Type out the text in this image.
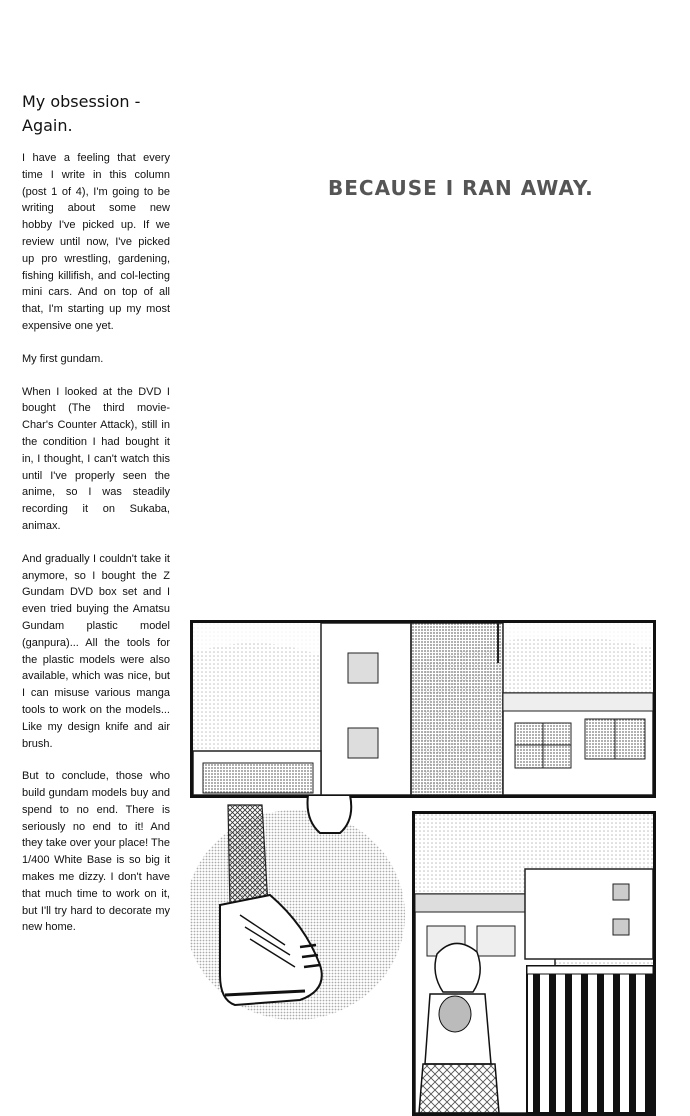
My obsession - Again.

I have a feeling that every time I write in this column (post 1 of 4), I'm going to be writing about some new hobby I've picked up. If we review until now, I've picked up pro wrestling, gardening, fishing killifish, and col-lecting mini cars. And on top of all that, I'm starting up my most expensive one yet.

My first gundam.

When I looked at the DVD I bought (The third movie-Char's Counter Attack), still in the condition I had bought it in, I thought, I can't watch this until I've properly seen the anime, so I was steadily recording it on Sukaba, animax.

And gradually I couldn't take it anymore, so I bought the Z Gundam DVD box set and I even tried buying the Amatsu Gundam plastic model (ganpura)... All the tools for the plastic models were also available, which was nice, but I can misuse various manga tools to work on the models... Like my design knife and air brush.

But to conclude, those who build gundam models buy and spend to no end. There is seriously no end to it! And they take over your place! The 1/400 White Base is so big it makes me dizzy. I don't have that much time to work on it, but I'll try hard to decorate my new home.

BECAUSE I RAN AWAY.
